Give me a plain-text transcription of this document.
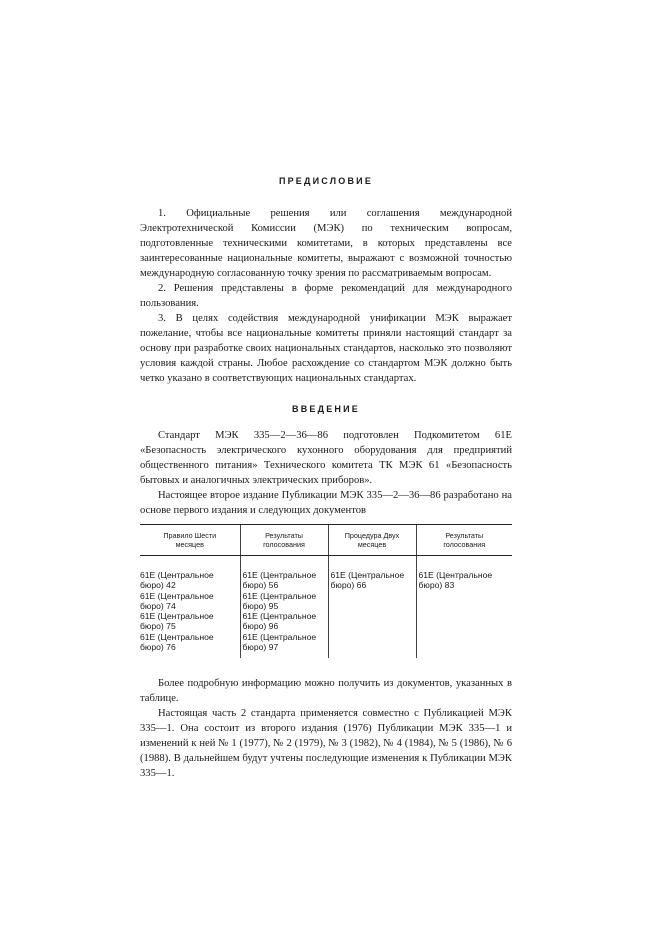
ПРЕДИСЛОВИЕ

1. Официальные решения или соглашения международной Электротехнической Комиссии (МЭК) по техническим вопросам, подготовленные техническими комитетами, в которых представлены все заинтересованные национальные комитеты, выражают с возможной точностью международную согласованную точку зрения по рассматриваемым вопросам.

2. Решения представлены в форме рекомендаций для международного пользования.

3. В целях содействия международной унификации МЭК выражает пожелание, чтобы все национальные комитеты приняли настоящий стандарт за основу при разработке своих национальных стандартов, насколько это позволяют условия каждой страны. Любое расхождение со стандартом МЭК должно быть четко указано в соответствующих национальных стандартах.

ВВЕДЕНИЕ

Стандарт МЭК 335—2—36—86 подготовлен Подкомитетом 61Е «Безопасность электрического кухонного оборудования для предприятий общественного питания» Технического комитета ТК МЭК 61 «Безопасность бытовых и аналогичных электрических приборов».

Настоящее второе издание Публикации МЭК 335—2—36—86 разработано на основе первого издания и следующих документов

Правило Шести
месяцев	Результаты
голосования	Процедура Двух
месяцев	Результаты
голосования

61E (Центральное бюро) 42
61E (Центральное бюро) 74
61E (Центральное бюро) 75
61E (Центральное бюро) 76	61E (Центральное бюро) 56
61E (Центральное бюро) 95
61E (Центральное бюро) 96
61E (Центральное бюро) 97	61E (Центральное бюро) 66	61E (Центральное бюро) 83

Более подробную информацию можно получить из документов, указанных в таблице.

Настоящая часть 2 стандарта применяется совместно с Публикацией МЭК 335—1. Она состоит из второго издания (1976) Публикации МЭК 335—1 и изменений к ней № 1 (1977), № 2 (1979), № 3 (1982), № 4 (1984), № 5 (1986), № 6 (1988). В дальнейшем будут учтены последующие изменения к Публикации МЭК 335—1.
